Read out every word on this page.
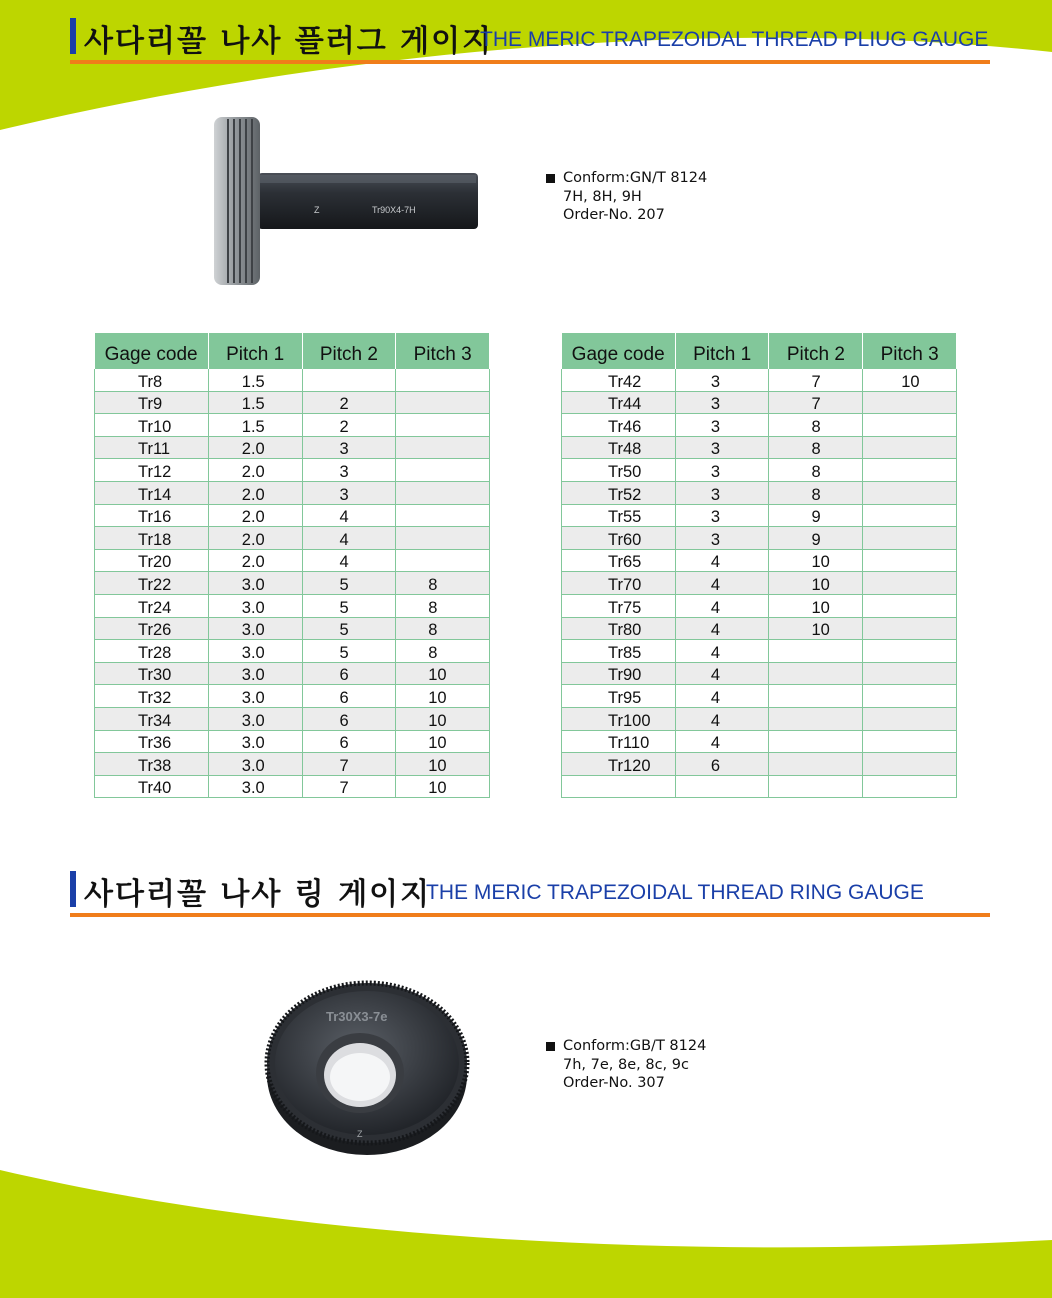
사다리꼴 나사 플러그 게이지
THE MERIC TRAPEZOIDAL THREAD PLIUG GAUGE
Z	Tr90X4-7H
Conform:GN/T 8124
7H, 8H, 9H
Order-No. 207
Gage code	Pitch 1	Pitch 2	Pitch 3
Tr8	1.5		
Tr9	1.5	2	
Tr10	1.5	2	
Tr11	2.0	3	
Tr12	2.0	3	
Tr14	2.0	3	
Tr16	2.0	4	
Tr18	2.0	4	
Tr20	2.0	4	
Tr22	3.0	5	8
Tr24	3.0	5	8
Tr26	3.0	5	8
Tr28	3.0	5	8
Tr30	3.0	6	10
Tr32	3.0	6	10
Tr34	3.0	6	10
Tr36	3.0	6	10
Tr38	3.0	7	10
Tr40	3.0	7	10
Gage code	Pitch 1	Pitch 2	Pitch 3
Tr42	3	7	10
Tr44	3	7	
Tr46	3	8	
Tr48	3	8	
Tr50	3	8	
Tr52	3	8	
Tr55	3	9	
Tr60	3	9	
Tr65	4	10	
Tr70	4	10	
Tr75	4	10	
Tr80	4	10	
Tr85	4		
Tr90	4		
Tr95	4		
Tr100	4		
Tr110	4		
Tr120	6		

사다리꼴 나사 링 게이지
THE MERIC TRAPEZOIDAL THREAD RING GAUGE
Tr30X3-7e
Z
Conform:GB/T 8124
7h, 7e, 8e, 8c, 9c
Order-No. 307
